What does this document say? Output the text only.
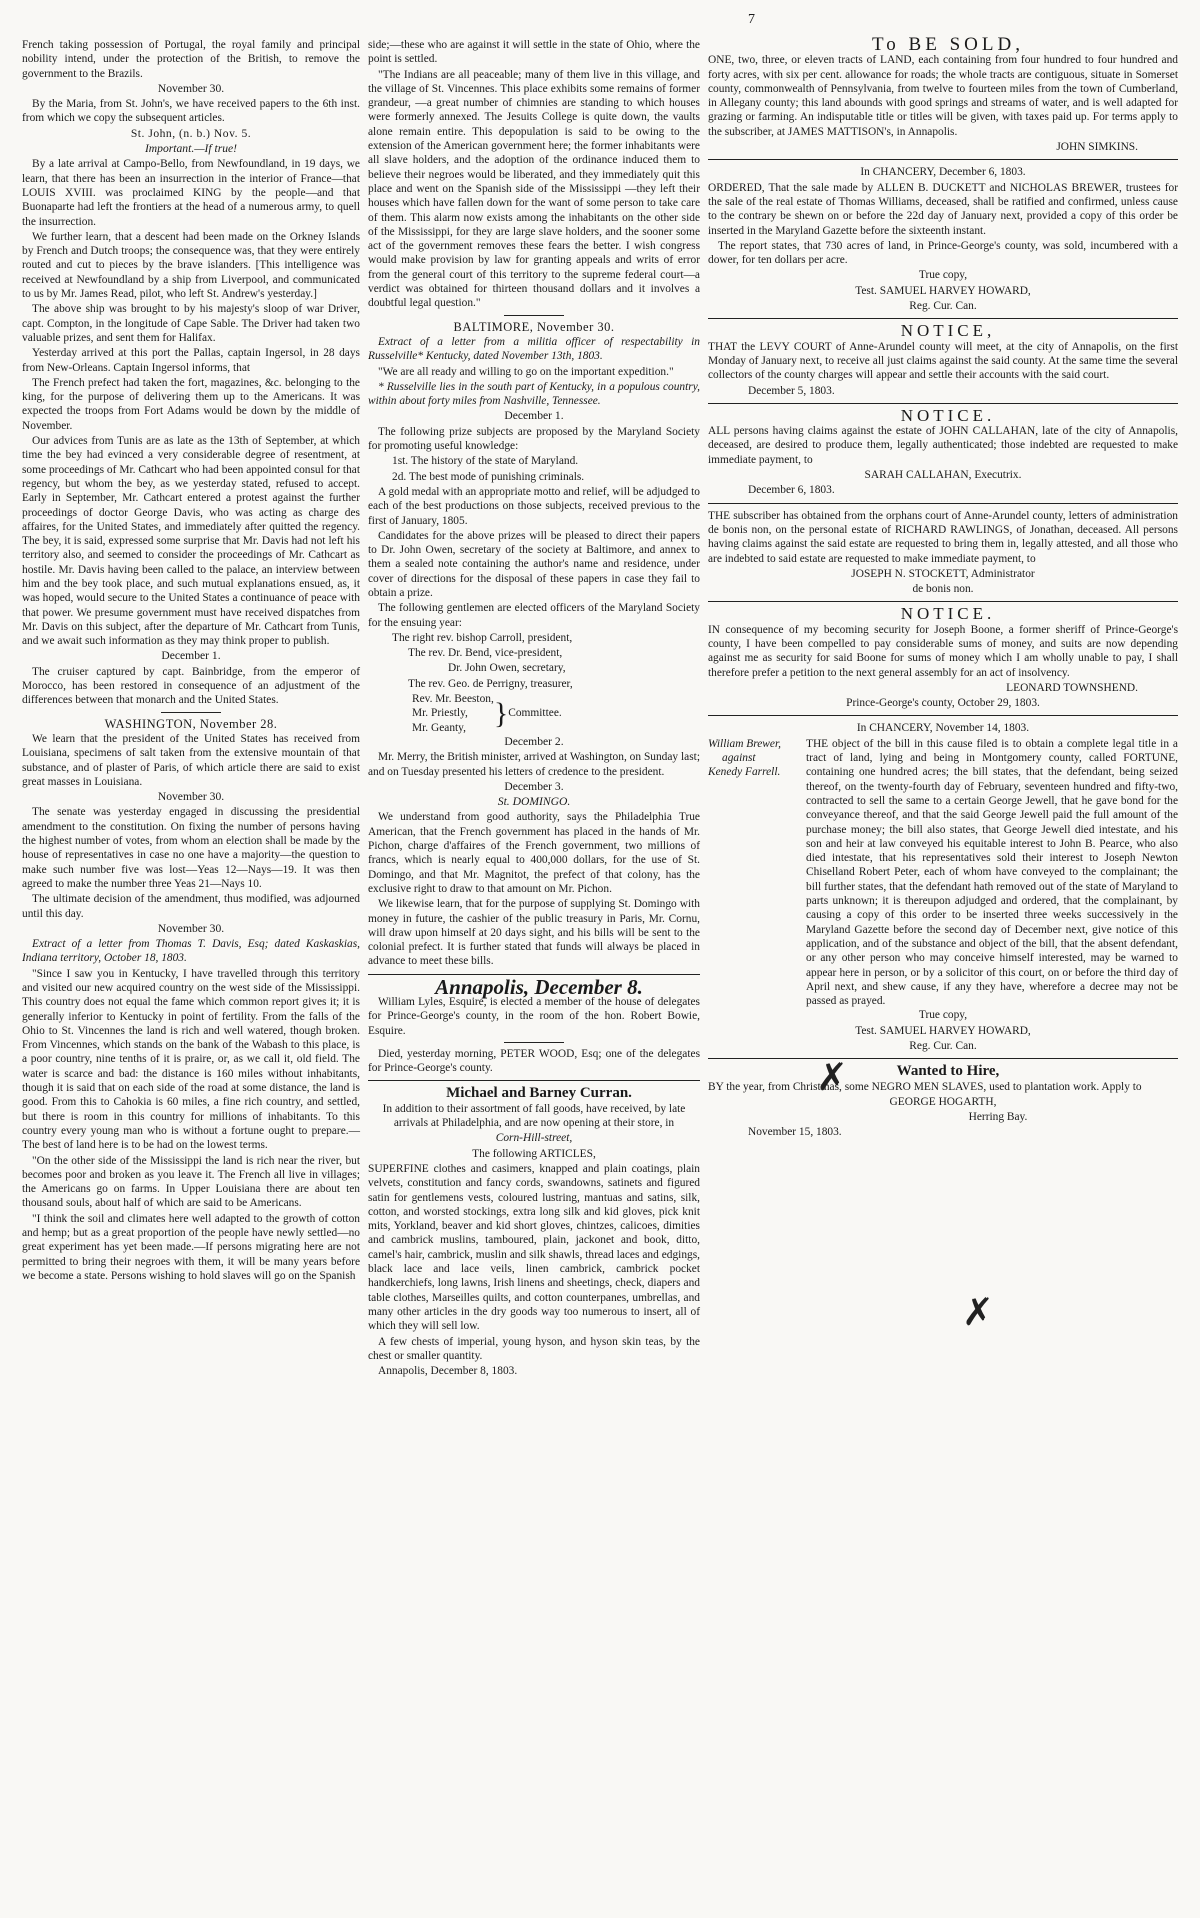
7

French taking possession of Portugal, the royal family and principal nobility intend, under the protection of the British, to remove the government to the Brazils.

November 30.

By the Maria, from St. John's, we have received papers to the 6th inst. from which we copy the subsequent articles.

St. John, (n. b.) Nov. 5.

Important.—If true!

By a late arrival at Campo-Bello, from Newfoundland, in 19 days, we learn, that there has been an insurrection in the interior of France—that LOUIS XVIII. was proclaimed KING by the people—and that Buonaparte had left the frontiers at the head of a numerous army, to quell the insurrection.

We further learn, that a descent had been made on the Orkney Islands by French and Dutch troops; the consequence was, that they were entirely routed and cut to pieces by the brave islanders. [This intelligence was received at Newfoundland by a ship from Liverpool, and communicated to us by Mr. James Read, pilot, who left St. Andrew's yesterday.]

The above ship was brought to by his majesty's sloop of war Driver, capt. Compton, in the longitude of Cape Sable. The Driver had taken two valuable prizes, and sent them for Halifax.

Yesterday arrived at this port the Pallas, captain Ingersol, in 28 days from New-Orleans. Captain Ingersol informs, that

The French prefect had taken the fort, magazines, &c. belonging to the king, for the purpose of delivering them up to the Americans. It was expected the troops from Fort Adams would be down by the middle of November.

Our advices from Tunis are as late as the 13th of September, at which time the bey had evinced a very considerable degree of resentment, at some proceedings of Mr. Cathcart who had been appointed consul for that regency, but whom the bey, as we yesterday stated, refused to accept. Early in September, Mr. Cathcart entered a protest against the further proceedings of doctor George Davis, who was acting as charge des affaires, for the United States, and immediately after quitted the regency. The bey, it is said, expressed some surprise that Mr. Davis had not left his territory also, and seemed to consider the proceedings of Mr. Cathcart as hostile. Mr. Davis having been called to the palace, an interview between him and the bey took place, and such mutual explanations ensued, as, it was hoped, would secure to the United States a continuance of peace with that power. We presume government must have received dispatches from Mr. Davis on this subject, after the departure of Mr. Cathcart from Tunis, and we await such information as they may think proper to publish.

December 1.

The cruiser captured by capt. Bainbridge, from the emperor of Morocco, has been restored in consequence of an adjustment of the differences between that monarch and the United States.

WASHINGTON, November 28.

We learn that the president of the United States has received from Louisiana, specimens of salt taken from the extensive mountain of that substance, and of plaster of Paris, of which article there are said to exist great masses in Louisiana.

November 30.

The senate was yesterday engaged in discussing the presidential amendment to the constitution. On fixing the number of persons having the highest number of votes, from whom an election shall be made by the house of representatives in case no one have a majority—the question to make such number five was lost—Yeas 12—Nays—19. It was then agreed to make the number three Yeas 21—Nays 10.

The ultimate decision of the amendment, thus modified, was adjourned until this day.

November 30.

Extract of a letter from Thomas T. Davis, Esq; dated Kaskaskias, Indiana territory, October 18, 1803.

"Since I saw you in Kentucky, I have travelled through this territory and visited our new acquired country on the west side of the Mississippi. This country does not equal the fame which common report gives it; it is generally inferior to Kentucky in point of fertility. From the falls of the Ohio to St. Vincennes the land is rich and well watered, though broken. From Vincennes, which stands on the bank of the Wabash to this place, is a poor country, nine tenths of it is praire, or, as we call it, old field. The water is scarce and bad: the distance is 160 miles without inhabitants, though it is said that on each side of the road at some distance, the land is good. From this to Cahokia is 60 miles, a fine rich country, and settled, but there is room in this country for millions of inhabitants. To this country every young man who is without a fortune ought to prepare.—The best of land here is to be had on the lowest terms.

"On the other side of the Mississippi the land is rich near the river, but becomes poor and broken as you leave it. The French all live in villages; the Americans go on farms. In Upper Louisiana there are about ten thousand souls, about half of which are said to be Americans.

"I think the soil and climates here well adapted to the growth of cotton and hemp; but as a great proportion of the people have newly settled—no great experiment has yet been made.—If persons migrating here are not permitted to bring their negroes with them, it will be many years before we become a state. Persons wishing to hold slaves will go on the Spanish

side;—these who are against it will settle in the state of Ohio, where the point is settled.

"The Indians are all peaceable; many of them live in this village, and the village of St. Vincennes. This place exhibits some remains of former grandeur, —a great number of chimnies are standing to which houses were formerly annexed. The Jesuits College is quite down, the vaults alone remain entire. This depopulation is said to be owing to the extension of the American government here; the former inhabitants were all slave holders, and the adoption of the ordinance induced them to believe their negroes would be liberated, and they immediately quit this place and went on the Spanish side of the Mississippi —they left their houses which have fallen down for the want of some person to take care of them. This alarm now exists among the inhabitants on the other side of the Mississippi, for they are large slave holders, and the sooner some act of the government removes these fears the better. I wish congress would make provision by law for granting appeals and writs of error from the general court of this territory to the supreme federal court—a verdict was obtained for thirteen thousand dollars and it involves a doubtful legal question."

BALTIMORE, November 30.

Extract of a letter from a militia officer of respectability in Russelville* Kentucky, dated November 13th, 1803.

"We are all ready and willing to go on the important expedition."

* Russelville lies in the south part of Kentucky, in a populous country, within about forty miles from Nashville, Tennessee.

December 1.

The following prize subjects are proposed by the Maryland Society for promoting useful knowledge:

1st. The history of the state of Maryland.

2d. The best mode of punishing criminals.

A gold medal with an appropriate motto and relief, will be adjudged to each of the best productions on those subjects, received previous to the first of January, 1805.

Candidates for the above prizes will be pleased to direct their papers to Dr. John Owen, secretary of the society at Baltimore, and annex to them a sealed note containing the author's name and residence, under cover of directions for the disposal of these papers in case they fail to obtain a prize.

The following gentlemen are elected officers of the Maryland Society for the ensuing year:

The right rev. bishop Carroll, president,

The rev. Dr. Bend, vice-president,

Dr. John Owen, secretary,

The rev. Geo. de Perrigny, treasurer,

Rev. Mr. Beeston,
Mr. Priestly,
Mr. Geanty, } Committee.

December 2.

Mr. Merry, the British minister, arrived at Washington, on Sunday last; and on Tuesday presented his letters of credence to the president.

December 3.

St. DOMINGO.

We understand from good authority, says the Philadelphia True American, that the French government has placed in the hands of Mr. Pichon, charge d'affaires of the French government, two millions of francs, which is nearly equal to 400,000 dollars, for the use of St. Domingo, and that Mr. Magnitot, the prefect of that colony, has the exclusive right to draw to that amount on Mr. Pichon.

We likewise learn, that for the purpose of supplying St. Domingo with money in future, the cashier of the public treasury in Paris, Mr. Cornu, will draw upon himself at 20 days sight, and his bills will be sent to the colonial prefect. It is further stated that funds will always be placed in advance to meet these bills.

Annapolis, December 8.

William Lyles, Esquire, is elected a member of the house of delegates for Prince-George's county, in the room of the hon. Robert Bowie, Esquire.

Died, yesterday morning, PETER WOOD, Esq; one of the delegates for Prince-George's county.

Michael and Barney Curran.

In addition to their assortment of fall goods, have received, by late arrivals at Philadelphia, and are now opening at their store, in

Corn-Hill-street,

The following ARTICLES,

SUPERFINE clothes and casimers, knapped and plain coatings, plain velvets, constitution and fancy cords, swandowns, satinets and figured satin for gentlemens vests, coloured lustring, mantuas and satins, silk, cotton, and worsted stockings, extra long silk and kid gloves, pick knit mits, Yorkland, beaver and kid short gloves, chintzes, calicoes, dimities and cambrick muslins, tamboured, plain, jackonet and book, ditto, camel's hair, cambrick, muslin and silk shawls, thread laces and edgings, black lace and lace veils, linen cambrick, cambrick pocket handkerchiefs, long lawns, Irish linens and sheetings, check, diapers and table clothes, Marseilles quilts, and cotton counterpanes, umbrellas, and many other articles in the dry goods way too numerous to insert, all of which they will sell low.

A few chests of imperial, young hyson, and hyson skin teas, by the chest or smaller quantity.

Annapolis, December 8, 1803.

To BE SOLD,

ONE, two, three, or eleven tracts of LAND, each containing from four hundred to four hundred and forty acres, with six per cent. allowance for roads; the whole tracts are contiguous, situate in Somerset county, commonwealth of Pennsylvania, from twelve to fourteen miles from the town of Cumberland, in Allegany county; this land abounds with good springs and streams of water, and is well adapted for grazing or farming. An indisputable title or titles will be given, with taxes paid up. For terms apply to the subscriber, at JAMES MATTISON's, in Annapolis.

JOHN SIMKINS.

In CHANCERY, December 6, 1803.

ORDERED, That the sale made by ALLEN B. DUCKETT and NICHOLAS BREWER, trustees for the sale of the real estate of Thomas Williams, deceased, shall be ratified and confirmed, unless cause to the contrary be shewn on or before the 22d day of January next, provided a copy of this order be inserted in the Maryland Gazette before the sixteenth instant.

The report states, that 730 acres of land, in Prince-George's county, was sold, incumbered with a dower, for ten dollars per acre.

True copy,

Test. SAMUEL HARVEY HOWARD,

Reg. Cur. Can.

NOTICE,

THAT the LEVY COURT of Anne-Arundel county will meet, at the city of Annapolis, on the first Monday of January next, to receive all just claims against the said county. At the same time the several collectors of the county charges will appear and settle their accounts with the said court.

December 5, 1803.

NOTICE.

ALL persons having claims against the estate of JOHN CALLAHAN, late of the city of Annapolis, deceased, are desired to produce them, legally authenticated; those indebted are requested to make immediate payment, to

SARAH CALLAHAN, Executrix.

December 6, 1803.

THE subscriber has obtained from the orphans court of Anne-Arundel county, letters of administration de bonis non, on the personal estate of RICHARD RAWLINGS, of Jonathan, deceased. All persons having claims against the said estate are requested to bring them in, legally attested, and all those who are indebted to said estate are requested to make immediate payment, to

JOSEPH N. STOCKETT, Administrator

de bonis non.

NOTICE.

IN consequence of my becoming security for Joseph Boone, a former sheriff of Prince-George's county, I have been compelled to pay considerable sums of money, and suits are now depending against me as security for said Boone for sums of money which I am wholly unable to pay, I shall therefore prefer a petition to the next general assembly for an act of insolvency.

LEONARD TOWNSHEND.

Prince-George's county, October 29, 1803.

In CHANCERY, November 14, 1803.

William Brewer,
against
Kenedy Farrell.

THE object of the bill in this cause filed is to obtain a complete legal title in a tract of land, lying and being in Montgomery county, called FORTUNE, containing one hundred acres; the bill states, that the defendant, being seized thereof, on the twenty-fourth day of February, seventeen hundred and fifty-two, contracted to sell the same to a certain George Jewell, that he gave bond for the conveyance thereof, and that the said George Jewell paid the full amount of the purchase money; the bill also states, that George Jewell died intestate, and his son and heir at law conveyed his equitable interest to John B. Pearce, who also died intestate, that his representatives sold their interest to Joseph Newton Chiselland Robert Peter, each of whom have conveyed to the complainant; the bill further states, that the defendant hath removed out of the state of Maryland to parts unknown; it is thereupon adjudged and ordered, that the complainant, by causing a copy of this order to be inserted three weeks successively in the Maryland Gazette before the second day of December next, give notice of this application, and of the substance and object of the bill, that the absent defendant, or any other person who may conceive himself interested, may be warned to appear here in person, or by a solicitor of this court, on or before the third day of April next, and shew cause, if any they have, wherefore a decree may not be passed as prayed.

True copy,

Test. SAMUEL HARVEY HOWARD,

Reg. Cur. Can.

Wanted to Hire,

BY the year, from Christmas, some NEGRO MEN SLAVES, used to plantation work. Apply to

GEORGE HOGARTH,

Herring Bay.

November 15, 1803.

✗
✗
